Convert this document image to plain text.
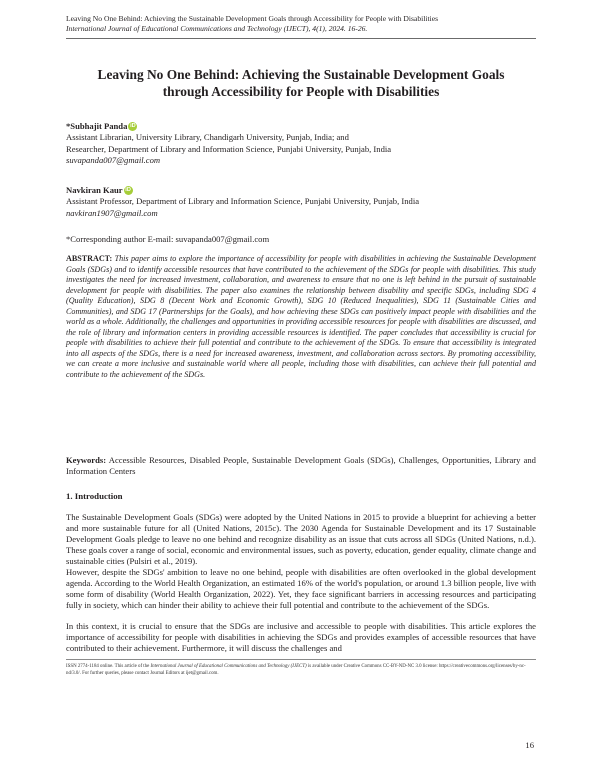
Leaving No One Behind: Achieving the Sustainable Development Goals through Accessibility for People with Disabilities
International Journal of Educational Communications and Technology (IJECT), 4(1), 2024. 16-26.
Leaving No One Behind: Achieving the Sustainable Development Goals
through Accessibility for People with Disabilities
*Subhajit Panda iD
Assistant Librarian, University Library, Chandigarh University, Punjab, India; and
Researcher, Department of Library and Information Science, Punjabi University, Punjab, India
suvapanda007@gmail.com
Navkiran Kaur iD
Assistant Professor, Department of Library and Information Science, Punjabi University, Punjab, India
navkiran1907@gmail.com
*Corresponding author E-mail: suvapanda007@gmail.com
ABSTRACT: This paper aims to explore the importance of accessibility for people with disabilities in achieving the Sustainable Development Goals (SDGs) and to identify accessible resources that have contributed to the achievement of the SDGs for people with disabilities. This study investigates the need for increased investment, collaboration, and awareness to ensure that no one is left behind in the pursuit of sustainable development for people with disabilities. The paper also examines the relationship between disability and specific SDGs, including SDG 4 (Quality Education), SDG 8 (Decent Work and Economic Growth), SDG 10 (Reduced Inequalities), SDG 11 (Sustainable Cities and Communities), and SDG 17 (Partnerships for the Goals), and how achieving these SDGs can positively impact people with disabilities and the world as a whole. Additionally, the challenges and opportunities in providing accessible resources for people with disabilities are discussed, and the role of library and information centers in providing accessible resources is identified. The paper concludes that accessibility is crucial for people with disabilities to achieve their full potential and contribute to the achievement of the SDGs. To ensure that accessibility is integrated into all aspects of the SDGs, there is a need for increased awareness, investment, and collaboration across sectors. By promoting accessibility, we can create a more inclusive and sustainable world where all people, including those with disabilities, can achieve their full potential and contribute to the achievement of the SDGs.
Keywords: Accessible Resources, Disabled People, Sustainable Development Goals (SDGs), Challenges, Opportunities, Library and Information Centers
1. Introduction
The Sustainable Development Goals (SDGs) were adopted by the United Nations in 2015 to provide a blueprint for achieving a better and more sustainable future for all (United Nations, 2015c). The 2030 Agenda for Sustainable Development and its 17 Sustainable Development Goals pledge to leave no one behind and recognize disability as an issue that cuts across all SDGs (United Nations, n.d.). These goals cover a range of social, economic and environmental issues, such as poverty, education, gender equality, climate change and sustainable cities (Pulsiri et al., 2019).
However, despite the SDGs' ambition to leave no one behind, people with disabilities are often overlooked in the global development agenda. According to the World Health Organization, an estimated 16% of the world's population, or around 1.3 billion people, live with some form of disability (World Health Organization, 2022). Yet, they face significant barriers in accessing resources and participating fully in society, which can hinder their ability to achieve their full potential and contribute to the achievement of the SDGs.
In this context, it is crucial to ensure that the SDGs are inclusive and accessible to people with disabilities. This article explores the importance of accessibility for people with disabilities in achieving the SDGs and provides examples of accessible resources that have contributed to their achievement. Furthermore, it will discuss the challenges and
ISSN 2774-1184 online. This article of the International Journal of Educational Communications and Technology (IJECT) is available under Creative Commons CC-BY-ND-NC 3.0 license: https://creativecommons.org/licenses/by-nc-nd/3.0/. For further queries, please contact Journal Editors at ijet@gmail.com.
16
